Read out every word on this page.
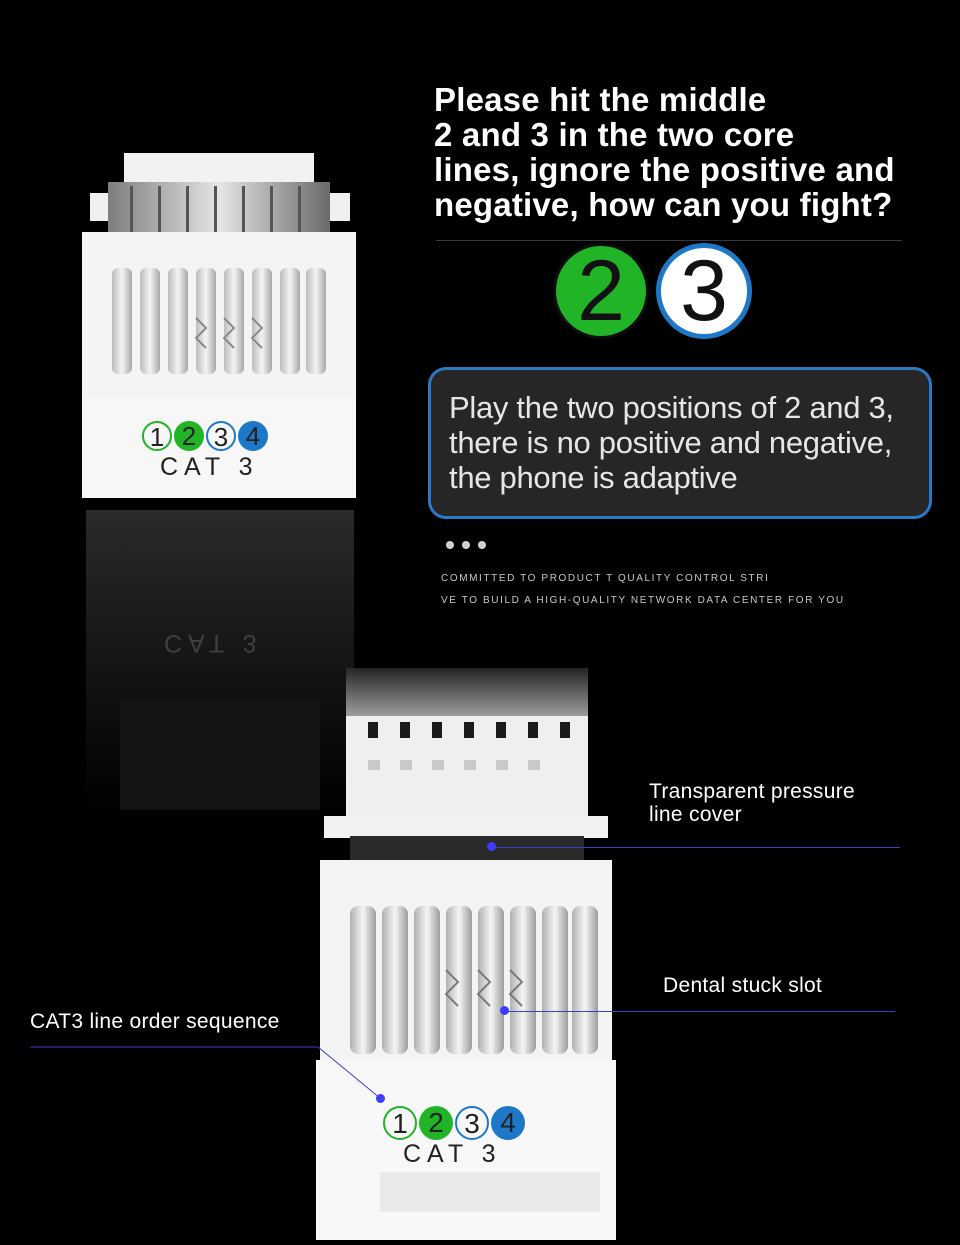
1 2 3 4
CAT 3
CAT 3
Please hit the middle
2 and 3 in the two core
lines, ignore the positive and
negative, how can you fight?
2 3
Play the two positions of 2 and 3,
there is no positive and negative,
the phone is adaptive
COMMITTED TO PRODUCT T QUALITY CONTROL STRI
VE TO BUILD A HIGH-QUALITY NETWORK DATA CENTER FOR YOU
1 2 3 4
CAT 3
Transparent pressure
line cover
Dental stuck slot
CAT3 line order sequence
